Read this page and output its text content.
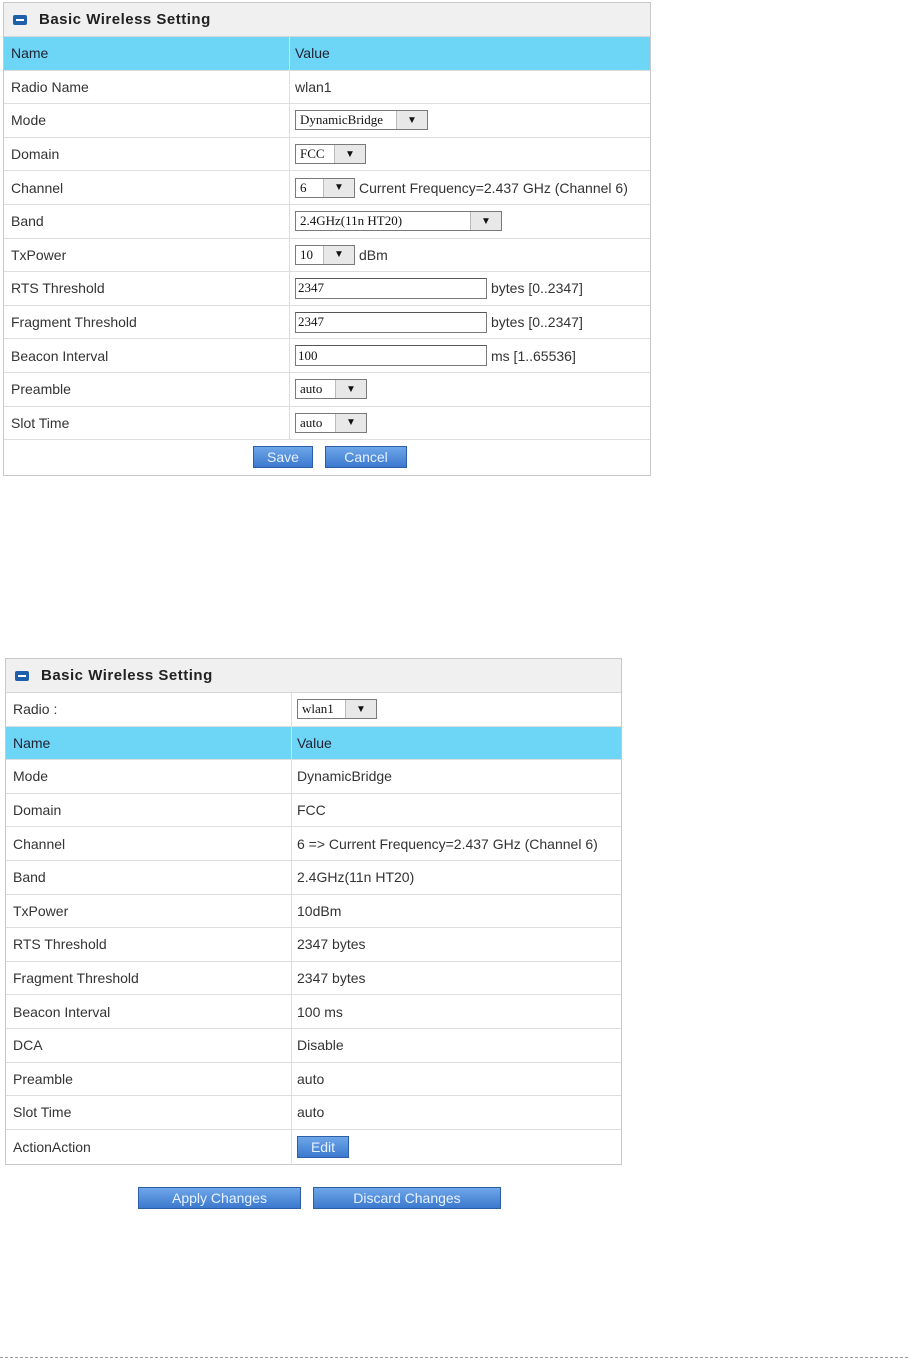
Basic Wireless Setting
Name	Value
Radio Name	wlan1
Mode	DynamicBridge	▼
Domain	FCC	▼
Channel	6	▼	Current Frequency=2.437 GHz (Channel 6)
Band	2.4GHz(11n HT20)	▼
TxPower	10	▼	dBm
RTS Threshold	2347	bytes [0..2347]
Fragment Threshold	2347	bytes [0..2347]
Beacon Interval	100	ms [1..65536]
Preamble	auto	▼
Slot Time	auto	▼
Save	Cancel
Basic Wireless Setting
Radio :	wlan1	▼
Name	Value
Mode	DynamicBridge
Domain	FCC
Channel	6 => Current Frequency=2.437 GHz (Channel 6)
Band	2.4GHz(11n HT20)
TxPower	10dBm
RTS Threshold	2347 bytes
Fragment Threshold	2347 bytes
Beacon Interval	100 ms
DCA	Disable
Preamble	auto
Slot Time	auto
ActionAction	Edit
Apply Changes	Discard Changes
